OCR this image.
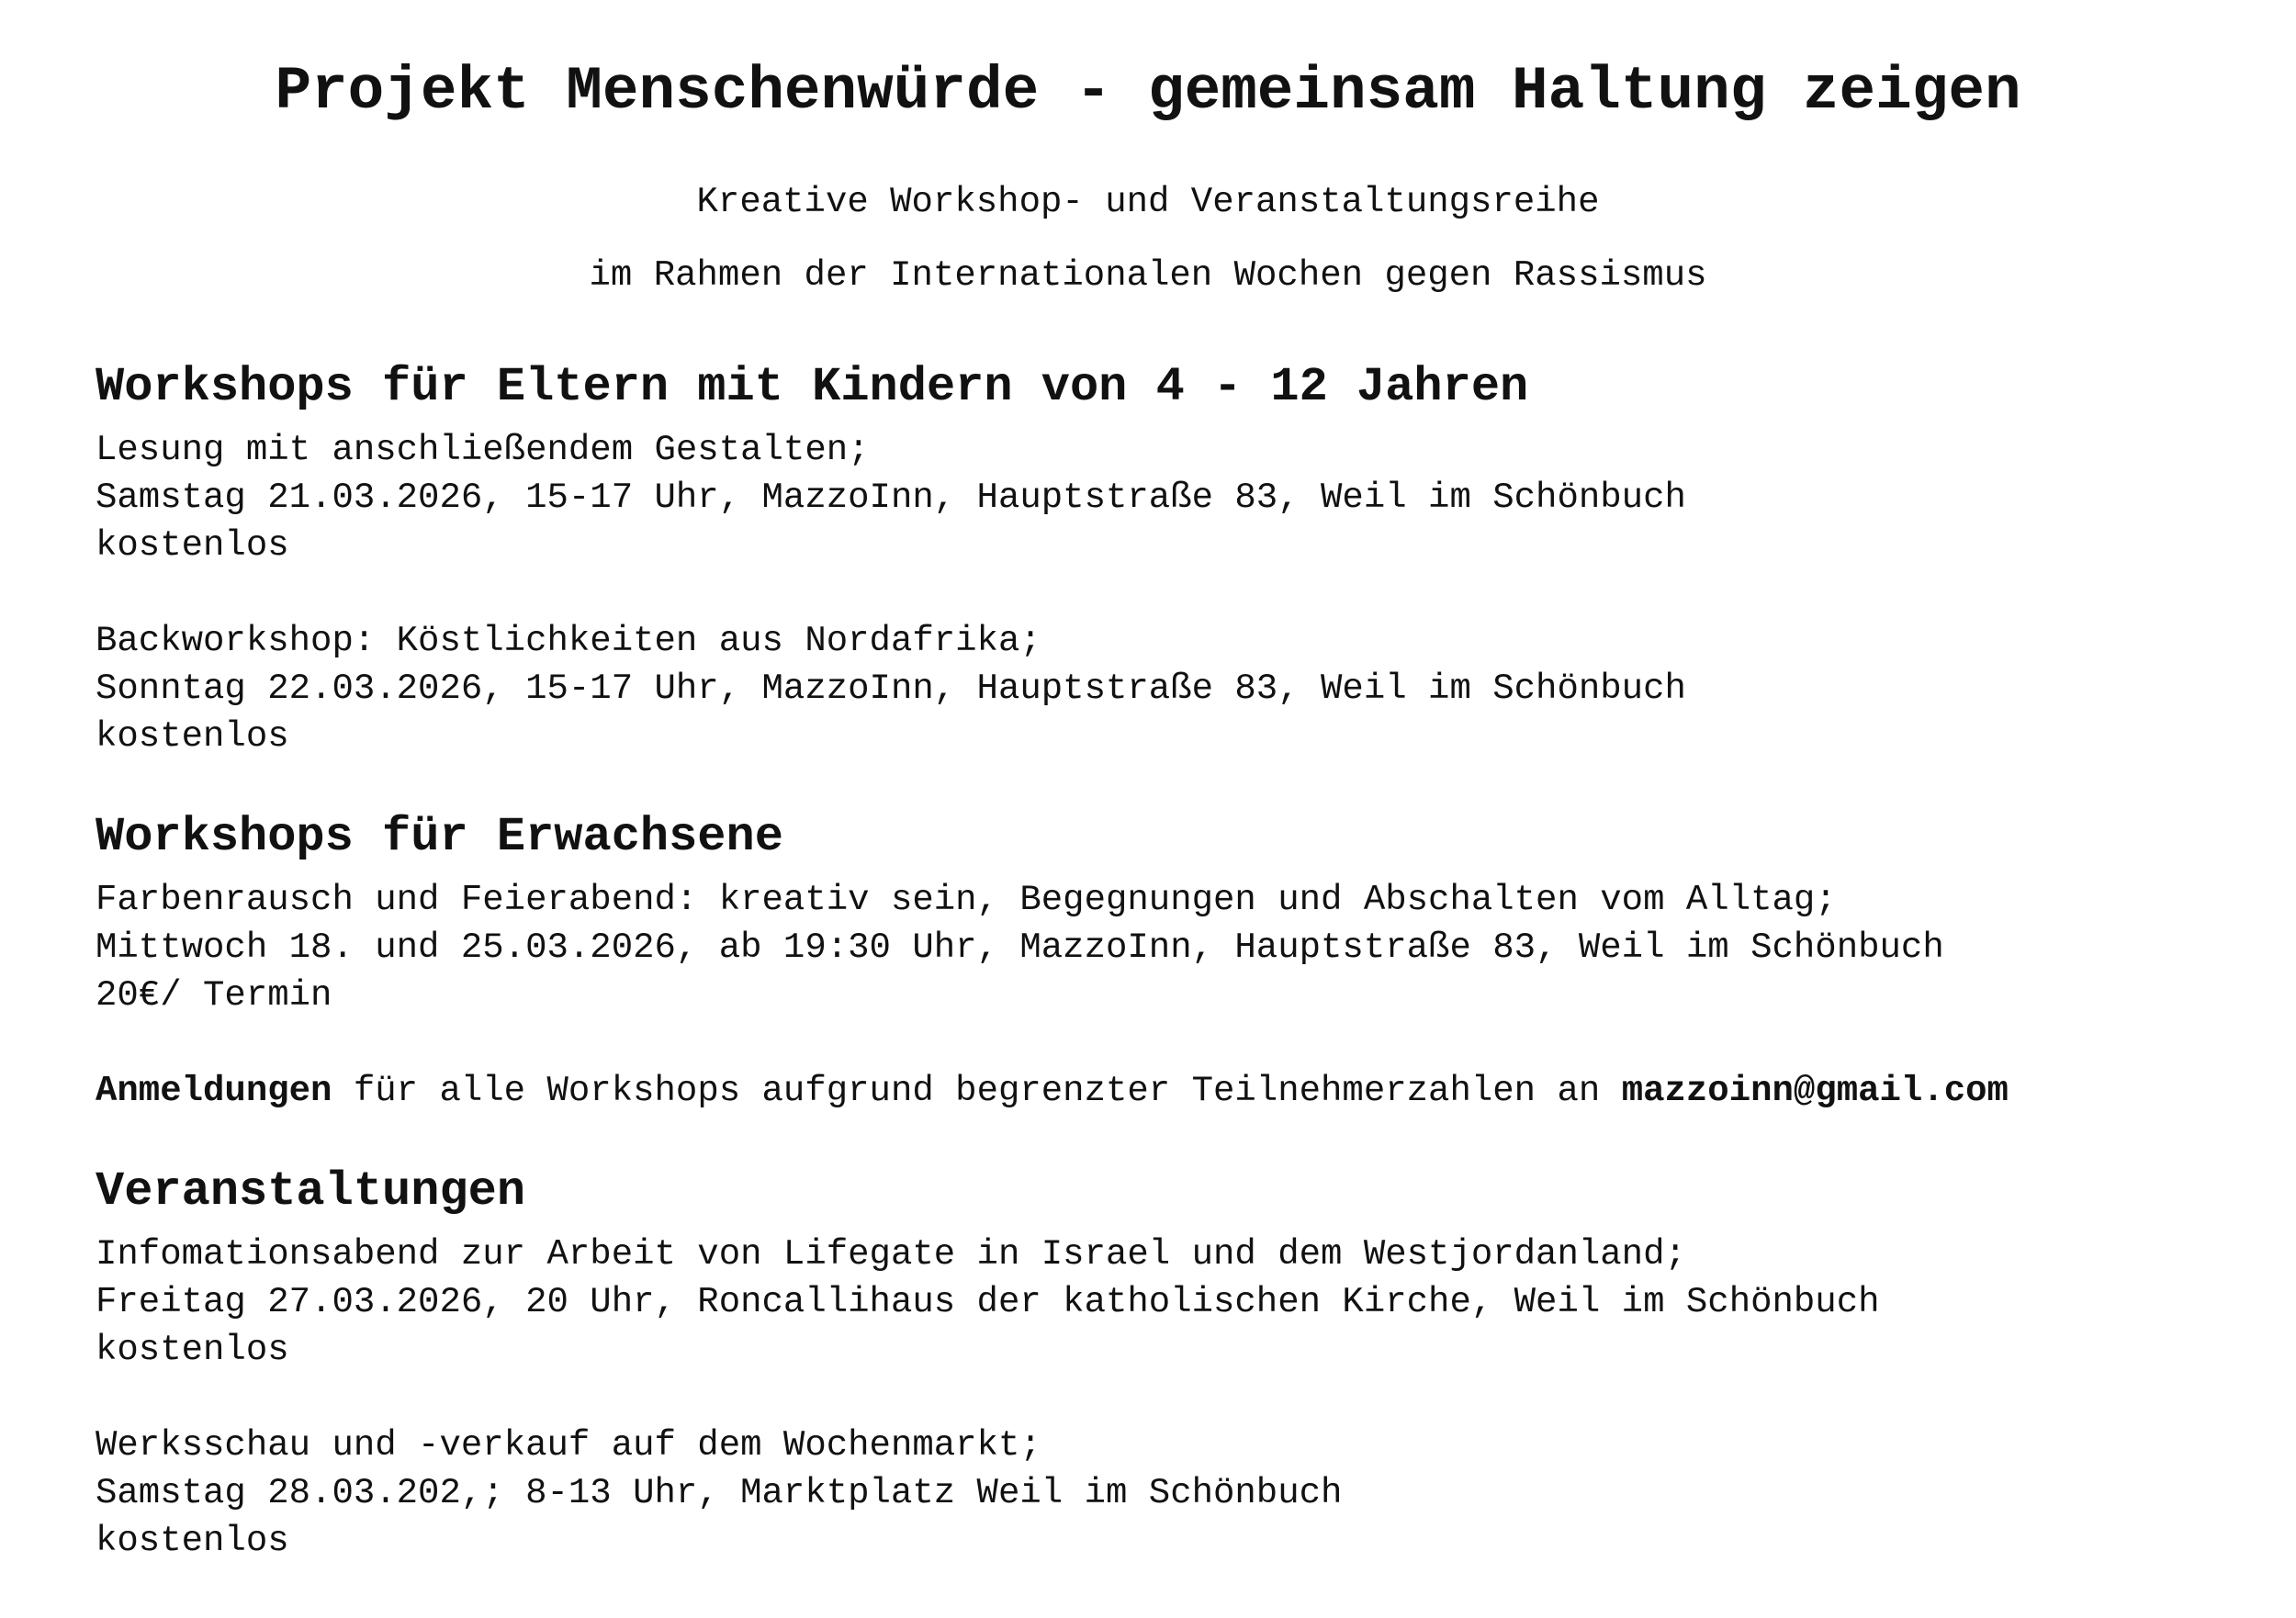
Projekt Menschenwürde - gemeinsam Haltung zeigen

Kreative Workshop- und Veranstaltungsreihe

im Rahmen der Internationalen Wochen gegen Rassismus

Workshops für Eltern mit Kindern von 4 - 12 Jahren

Lesung mit anschließendem Gestalten;

Samstag 21.03.2026, 15-17 Uhr, MazzoInn, Hauptstraße 83, Weil im Schönbuch

kostenlos

Backworkshop: Köstlichkeiten aus Nordafrika;

Sonntag 22.03.2026, 15-17 Uhr, MazzoInn, Hauptstraße 83, Weil im Schönbuch

kostenlos

Workshops für Erwachsene

Farbenrausch und Feierabend: kreativ sein, Begegnungen und Abschalten vom Alltag;

Mittwoch 18. und 25.03.2026, ab 19:30 Uhr, MazzoInn, Hauptstraße 83, Weil im Schönbuch

20€/ Termin

Anmeldungen für alle Workshops aufgrund begrenzter Teilnehmerzahlen an mazzoinn@gmail.com

Veranstaltungen

Infomationsabend zur Arbeit von Lifegate in Israel und dem Westjordanland;

Freitag 27.03.2026, 20 Uhr, Roncallihaus der katholischen Kirche, Weil im Schönbuch

kostenlos

Werksschau und -verkauf auf dem Wochenmarkt;

Samstag 28.03.202,; 8-13 Uhr, Marktplatz Weil im Schönbuch

kostenlos
